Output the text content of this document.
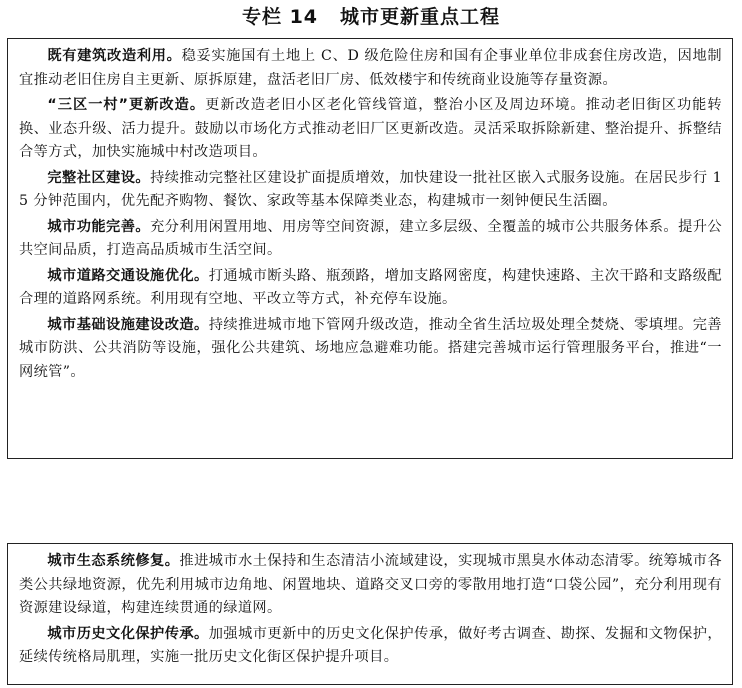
专栏 14 城市更新重点工程

既有建筑改造利用。稳妥实施国有土地上 C、D 级危险住房和国有企事业单位非成套住房改造，因地制宜推动老旧住房自主更新、原拆原建，盘活老旧厂房、低效楼宇和传统商业设施等存量资源。

“三区一村”更新改造。更新改造老旧小区老化管线管道，整治小区及周边环境。推动老旧街区功能转换、业态升级、活力提升。鼓励以市场化方式推动老旧厂区更新改造。灵活采取拆除新建、整治提升、拆整结合等方式，加快实施城中村改造项目。

完整社区建设。持续推动完整社区建设扩面提质增效，加快建设一批社区嵌入式服务设施。在居民步行 15 分钟范围内，优先配齐购物、餐饮、家政等基本保障类业态，构建城市一刻钟便民生活圈。

城市功能完善。充分利用闲置用地、用房等空间资源，建立多层级、全覆盖的城市公共服务体系。提升公共空间品质，打造高品质城市生活空间。

城市道路交通设施优化。打通城市断头路、瓶颈路，增加支路网密度，构建快速路、主次干路和支路级配合理的道路网系统。利用现有空地、平改立等方式，补充停车设施。

城市基础设施建设改造。持续推进城市地下管网升级改造，推动全省生活垃圾处理全焚烧、零填埋。完善城市防洪、公共消防等设施，强化公共建筑、场地应急避难功能。搭建完善城市运行管理服务平台，推进“一网统管”。

城市生态系统修复。推进城市水土保持和生态清洁小流域建设，实现城市黑臭水体动态清零。统筹城市各类公共绿地资源，优先利用城市边角地、闲置地块、道路交叉口旁的零散用地打造“口袋公园”，充分利用现有资源建设绿道，构建连续贯通的绿道网。

城市历史文化保护传承。加强城市更新中的历史文化保护传承，做好考古调查、勘探、发掘和文物保护，延续传统格局肌理，实施一批历史文化街区保护提升项目。
